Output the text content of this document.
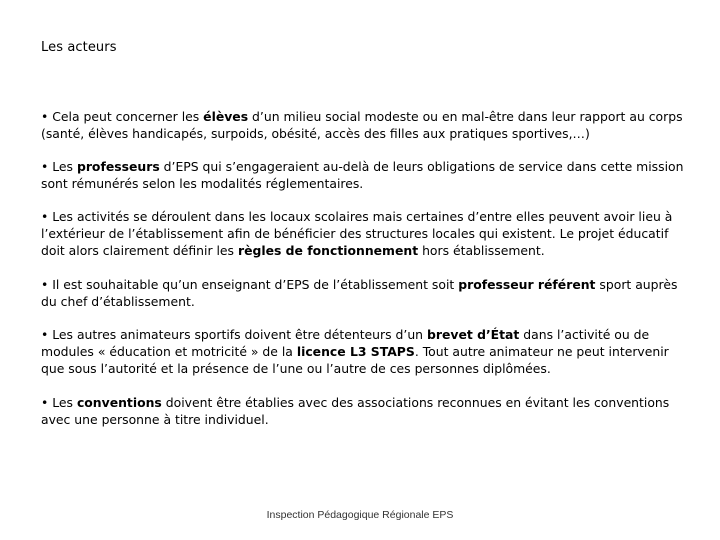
Les acteurs

• Cela peut concerner les élèves d’un milieu social modeste ou en mal-être dans leur rapport au corps (santé, élèves handicapés, surpoids, obésité, accès des filles aux pratiques sportives,…)

• Les professeurs d’EPS qui s’engageraient au-delà de leurs obligations de service dans cette mission sont rémunérés selon les modalités réglementaires.

• Les activités se déroulent dans les locaux scolaires mais certaines d’entre elles peuvent avoir lieu à l’extérieur de l’établissement afin de bénéficier des structures locales qui existent. Le projet éducatif doit alors clairement définir les règles de fonctionnement hors établissement.

• Il est souhaitable qu’un enseignant d’EPS de l’établissement soit professeur référent sport auprès du chef d’établissement.

• Les autres animateurs sportifs doivent être détenteurs d’un brevet d’État dans l’activité ou de modules « éducation et motricité » de la licence L3 STAPS. Tout autre animateur ne peut intervenir que sous l’autorité et la présence de l’une ou l’autre de ces personnes diplômées.

• Les conventions doivent être établies avec des associations reconnues en évitant les conventions avec une personne à titre individuel.

Inspection Pédagogique Régionale EPS
